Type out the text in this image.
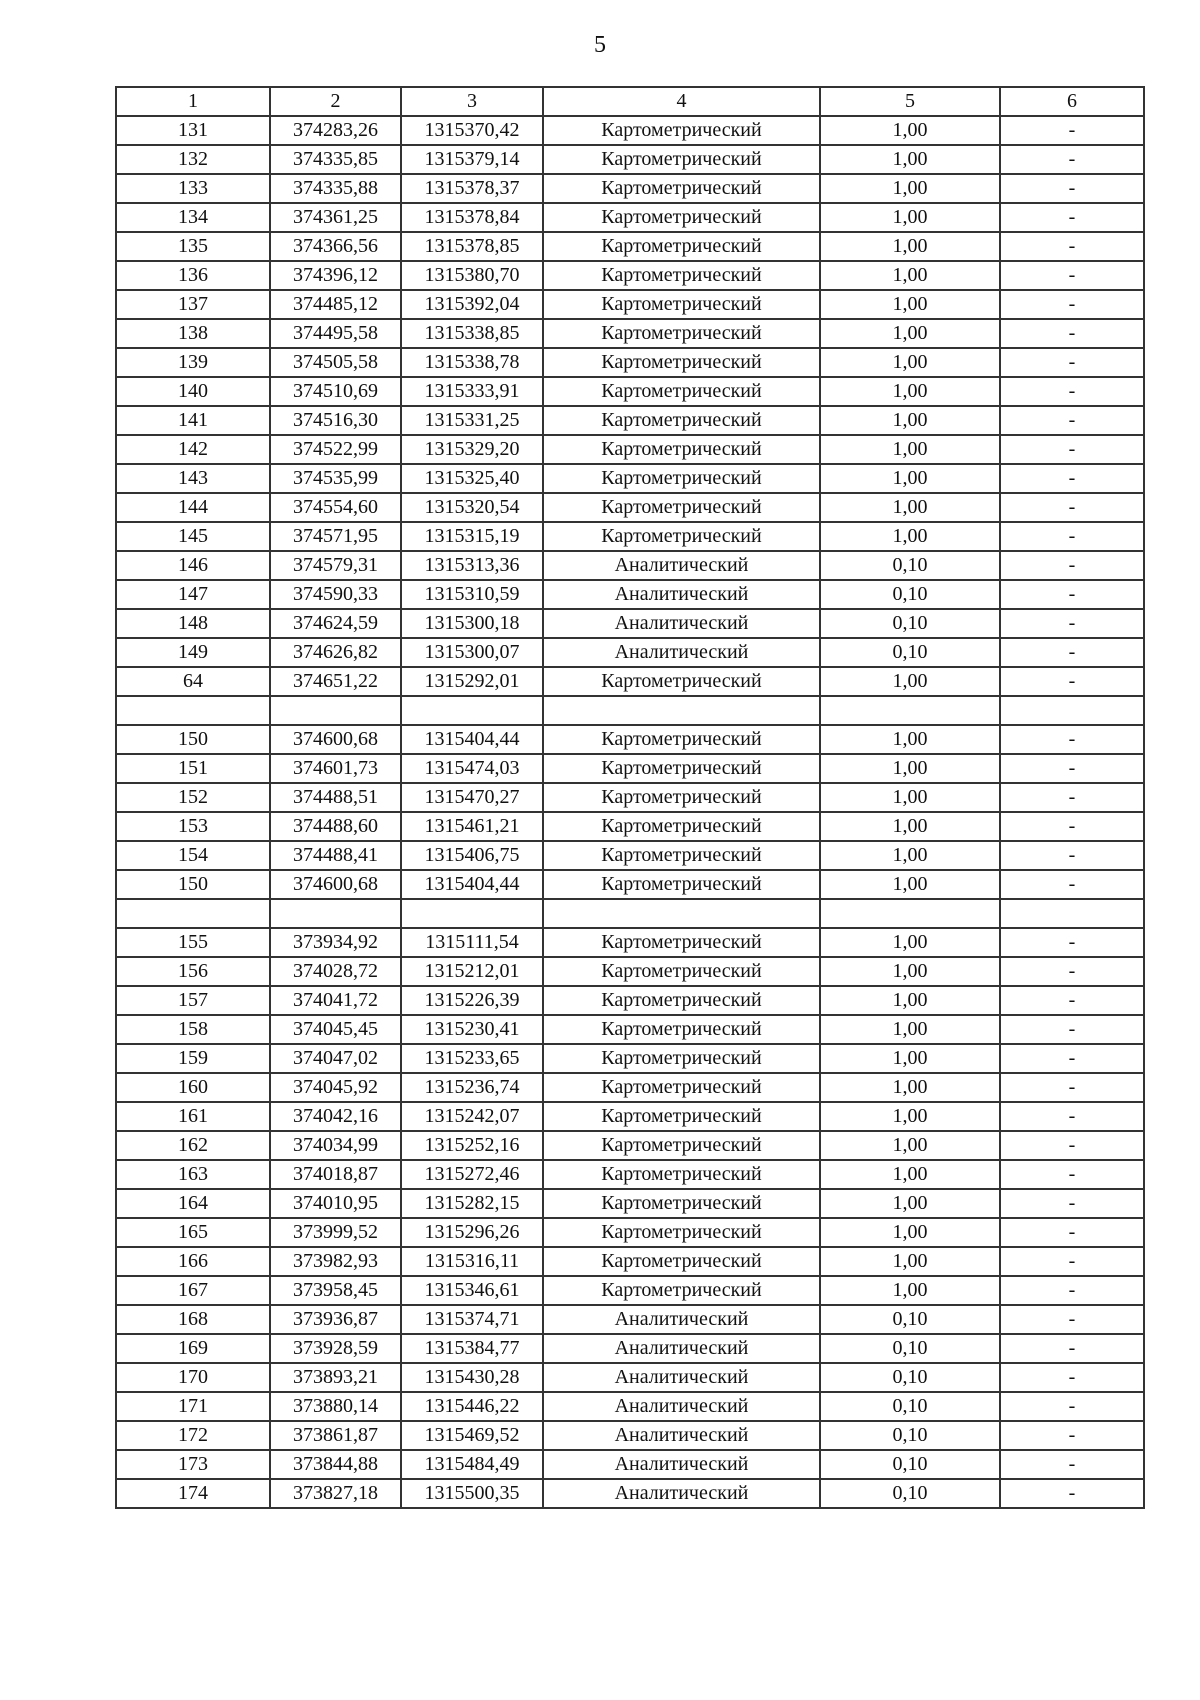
5
1	2	3	4	5	6
131	374283,26	1315370,42	Картометрический	1,00	-
132	374335,85	1315379,14	Картометрический	1,00	-
133	374335,88	1315378,37	Картометрический	1,00	-
134	374361,25	1315378,84	Картометрический	1,00	-
135	374366,56	1315378,85	Картометрический	1,00	-
136	374396,12	1315380,70	Картометрический	1,00	-
137	374485,12	1315392,04	Картометрический	1,00	-
138	374495,58	1315338,85	Картометрический	1,00	-
139	374505,58	1315338,78	Картометрический	1,00	-
140	374510,69	1315333,91	Картометрический	1,00	-
141	374516,30	1315331,25	Картометрический	1,00	-
142	374522,99	1315329,20	Картометрический	1,00	-
143	374535,99	1315325,40	Картометрический	1,00	-
144	374554,60	1315320,54	Картометрический	1,00	-
145	374571,95	1315315,19	Картометрический	1,00	-
146	374579,31	1315313,36	Аналитический	0,10	-
147	374590,33	1315310,59	Аналитический	0,10	-
148	374624,59	1315300,18	Аналитический	0,10	-
149	374626,82	1315300,07	Аналитический	0,10	-
64	374651,22	1315292,01	Картометрический	1,00	-

150	374600,68	1315404,44	Картометрический	1,00	-
151	374601,73	1315474,03	Картометрический	1,00	-
152	374488,51	1315470,27	Картометрический	1,00	-
153	374488,60	1315461,21	Картометрический	1,00	-
154	374488,41	1315406,75	Картометрический	1,00	-
150	374600,68	1315404,44	Картометрический	1,00	-

155	373934,92	1315111,54	Картометрический	1,00	-
156	374028,72	1315212,01	Картометрический	1,00	-
157	374041,72	1315226,39	Картометрический	1,00	-
158	374045,45	1315230,41	Картометрический	1,00	-
159	374047,02	1315233,65	Картометрический	1,00	-
160	374045,92	1315236,74	Картометрический	1,00	-
161	374042,16	1315242,07	Картометрический	1,00	-
162	374034,99	1315252,16	Картометрический	1,00	-
163	374018,87	1315272,46	Картометрический	1,00	-
164	374010,95	1315282,15	Картометрический	1,00	-
165	373999,52	1315296,26	Картометрический	1,00	-
166	373982,93	1315316,11	Картометрический	1,00	-
167	373958,45	1315346,61	Картометрический	1,00	-
168	373936,87	1315374,71	Аналитический	0,10	-
169	373928,59	1315384,77	Аналитический	0,10	-
170	373893,21	1315430,28	Аналитический	0,10	-
171	373880,14	1315446,22	Аналитический	0,10	-
172	373861,87	1315469,52	Аналитический	0,10	-
173	373844,88	1315484,49	Аналитический	0,10	-
174	373827,18	1315500,35	Аналитический	0,10	-
